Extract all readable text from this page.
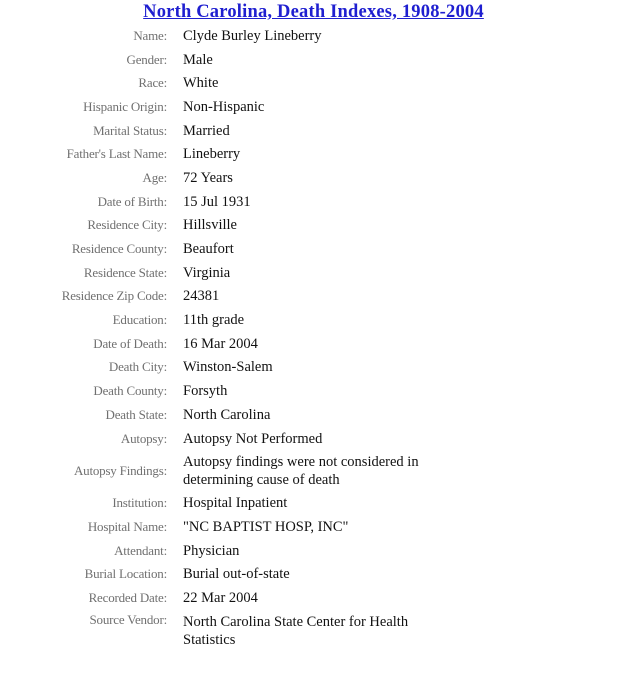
North Carolina, Death Indexes, 1908-2004
Name:		Clyde Burley Lineberry
Gender:		Male
Race:		White
Hispanic Origin:		Non-Hispanic
Marital Status:		Married
Father's Last Name:		Lineberry
Age:		72 Years
Date of Birth:		15 Jul 1931
Residence City:		Hillsville
Residence County:		Beaufort
Residence State:		Virginia
Residence Zip Code:		24381
Education:		11th grade
Date of Death:		16 Mar 2004
Death City:		Winston-Salem
Death County:		Forsyth
Death State:		North Carolina
Autopsy:		Autopsy Not Performed
Autopsy Findings:		Autopsy findings were not considered in determining cause of death
Institution:		Hospital Inpatient
Hospital Name:		"NC BAPTIST HOSP, INC"
Attendant:		Physician
Burial Location:		Burial out-of-state
Recorded Date:		22 Mar 2004
Source Vendor:		North Carolina State Center for Health Statistics
